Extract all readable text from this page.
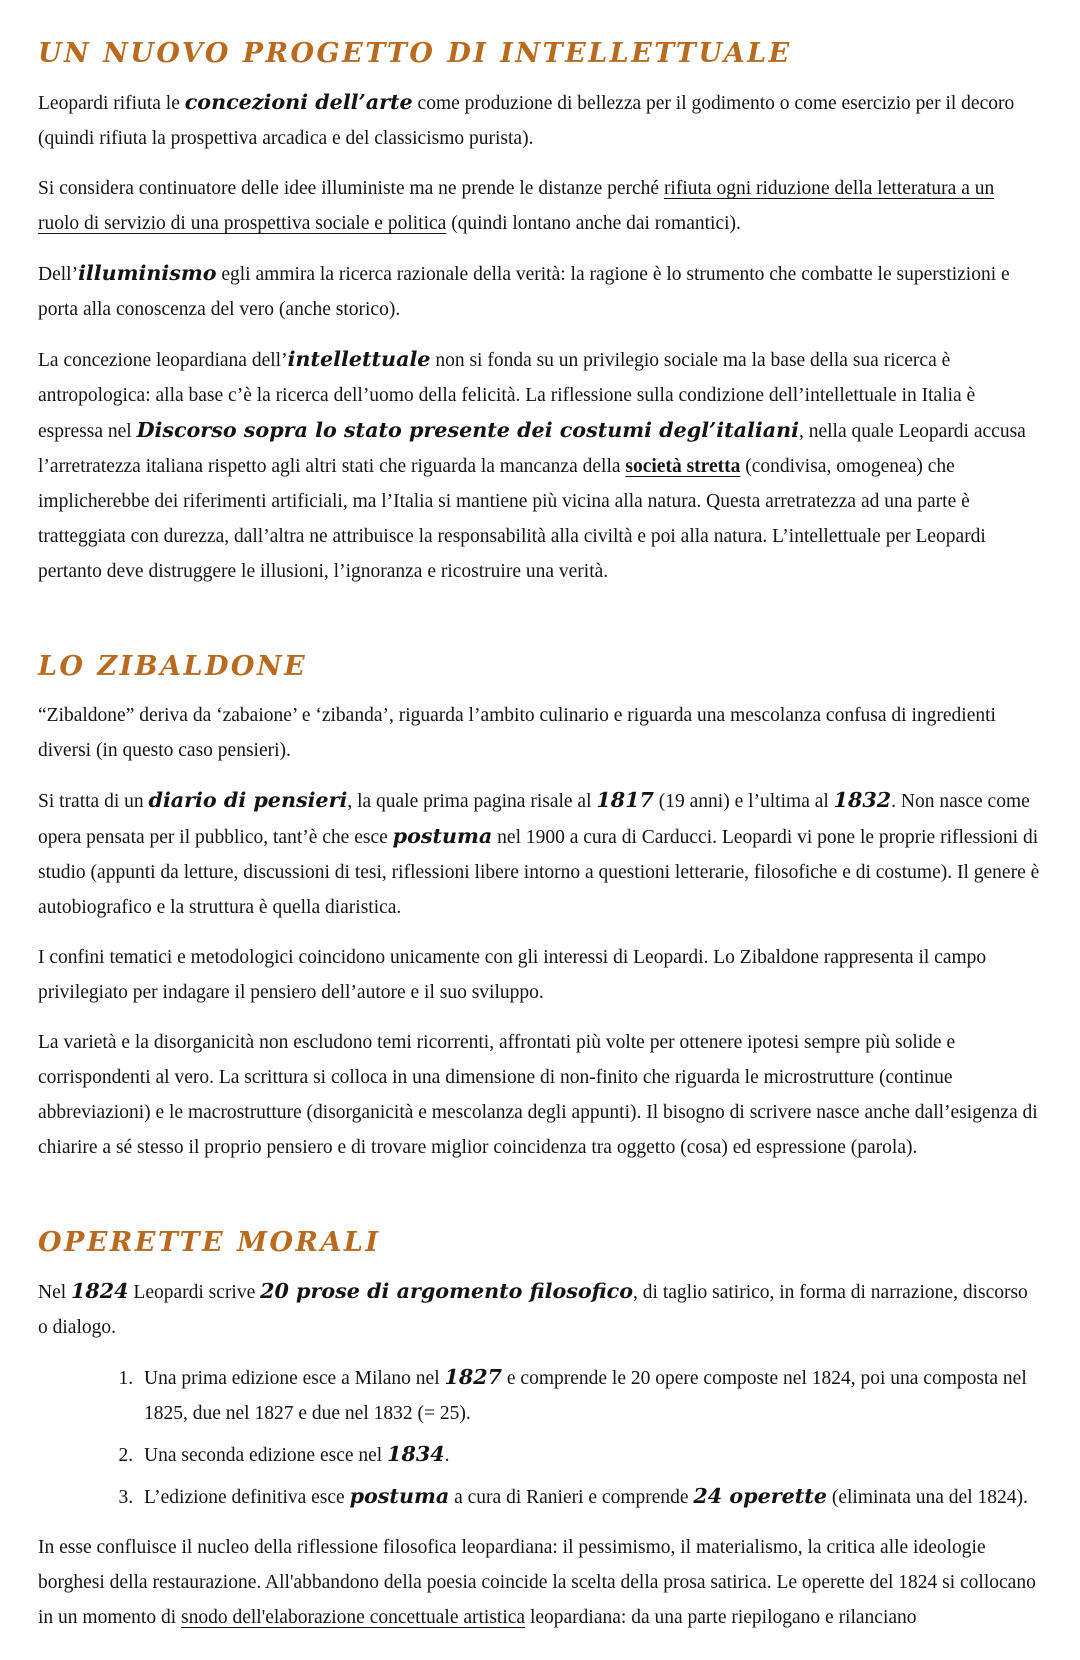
UN NUOVO PROGETTO DI INTELLETTUALE

Leopardi rifiuta le concezioni dell’arte come produzione di bellezza per il godimento o come esercizio per il decoro (quindi rifiuta la prospettiva arcadica e del classicismo purista).

Si considera continuatore delle idee illuministe ma ne prende le distanze perché rifiuta ogni riduzione della letteratura a un ruolo di servizio di una prospettiva sociale e politica (quindi lontano anche dai romantici).

Dell’illuminismo egli ammira la ricerca razionale della verità: la ragione è lo strumento che combatte le superstizioni e porta alla conoscenza del vero (anche storico).

La concezione leopardiana dell’intellettuale non si fonda su un privilegio sociale ma la base della sua ricerca è antropologica: alla base c’è la ricerca dell’uomo della felicità. La riflessione sulla condizione dell’intellettuale in Italia è espressa nel Discorso sopra lo stato presente dei costumi degl’italiani, nella quale Leopardi accusa l’arretratezza italiana rispetto agli altri stati che riguarda la mancanza della società stretta (condivisa, omogenea) che implicherebbe dei riferimenti artificiali, ma l’Italia si mantiene più vicina alla natura. Questa arretratezza ad una parte è tratteggiata con durezza, dall’altra ne attribuisce la responsabilità alla civiltà e poi alla natura. L’intellettuale per Leopardi pertanto deve distruggere le illusioni, l’ignoranza e ricostruire una verità.

LO ZIBALDONE

“Zibaldone” deriva da ‘zabaione’ e ‘zibanda’, riguarda l’ambito culinario e riguarda una mescolanza confusa di ingredienti diversi (in questo caso pensieri).

Si tratta di un diario di pensieri, la quale prima pagina risale al 1817 (19 anni) e l’ultima al 1832. Non nasce come opera pensata per il pubblico, tant’è che esce postuma nel 1900 a cura di Carducci. Leopardi vi pone le proprie riflessioni di studio (appunti da letture, discussioni di tesi, riflessioni libere intorno a questioni letterarie, filosofiche e di costume). Il genere è autobiografico e la struttura è quella diaristica.

I confini tematici e metodologici coincidono unicamente con gli interessi di Leopardi. Lo Zibaldone rappresenta il campo privilegiato per indagare il pensiero dell’autore e il suo sviluppo.

La varietà e la disorganicità non escludono temi ricorrenti, affrontati più volte per ottenere ipotesi sempre più solide e corrispondenti al vero. La scrittura si colloca in una dimensione di non-finito che riguarda le microstrutture (continue abbreviazioni) e le macrostrutture (disorganicità e mescolanza degli appunti). Il bisogno di scrivere nasce anche dall’esigenza di chiarire a sé stesso il proprio pensiero e di trovare miglior coincidenza tra oggetto (cosa) ed espressione (parola).

OPERETTE MORALI

Nel 1824 Leopardi scrive 20 prose di argomento filosofico, di taglio satirico, in forma di narrazione, discorso o dialogo.

1. Una prima edizione esce a Milano nel 1827 e comprende le 20 opere composte nel 1824, poi una composta nel 1825, due nel 1827 e due nel 1832 (= 25).
2. Una seconda edizione esce nel 1834.
3. L’edizione definitiva esce postuma a cura di Ranieri e comprende 24 operette (eliminata una del 1824).

In esse confluisce il nucleo della riflessione filosofica leopardiana: il pessimismo, il materialismo, la critica alle ideologie borghesi della restaurazione. All'abbandono della poesia coincide la scelta della prosa satirica. Le operette del 1824 si collocano in un momento di snodo dell'elaborazione concettuale artistica leopardiana: da una parte riepilogano e rilanciano
